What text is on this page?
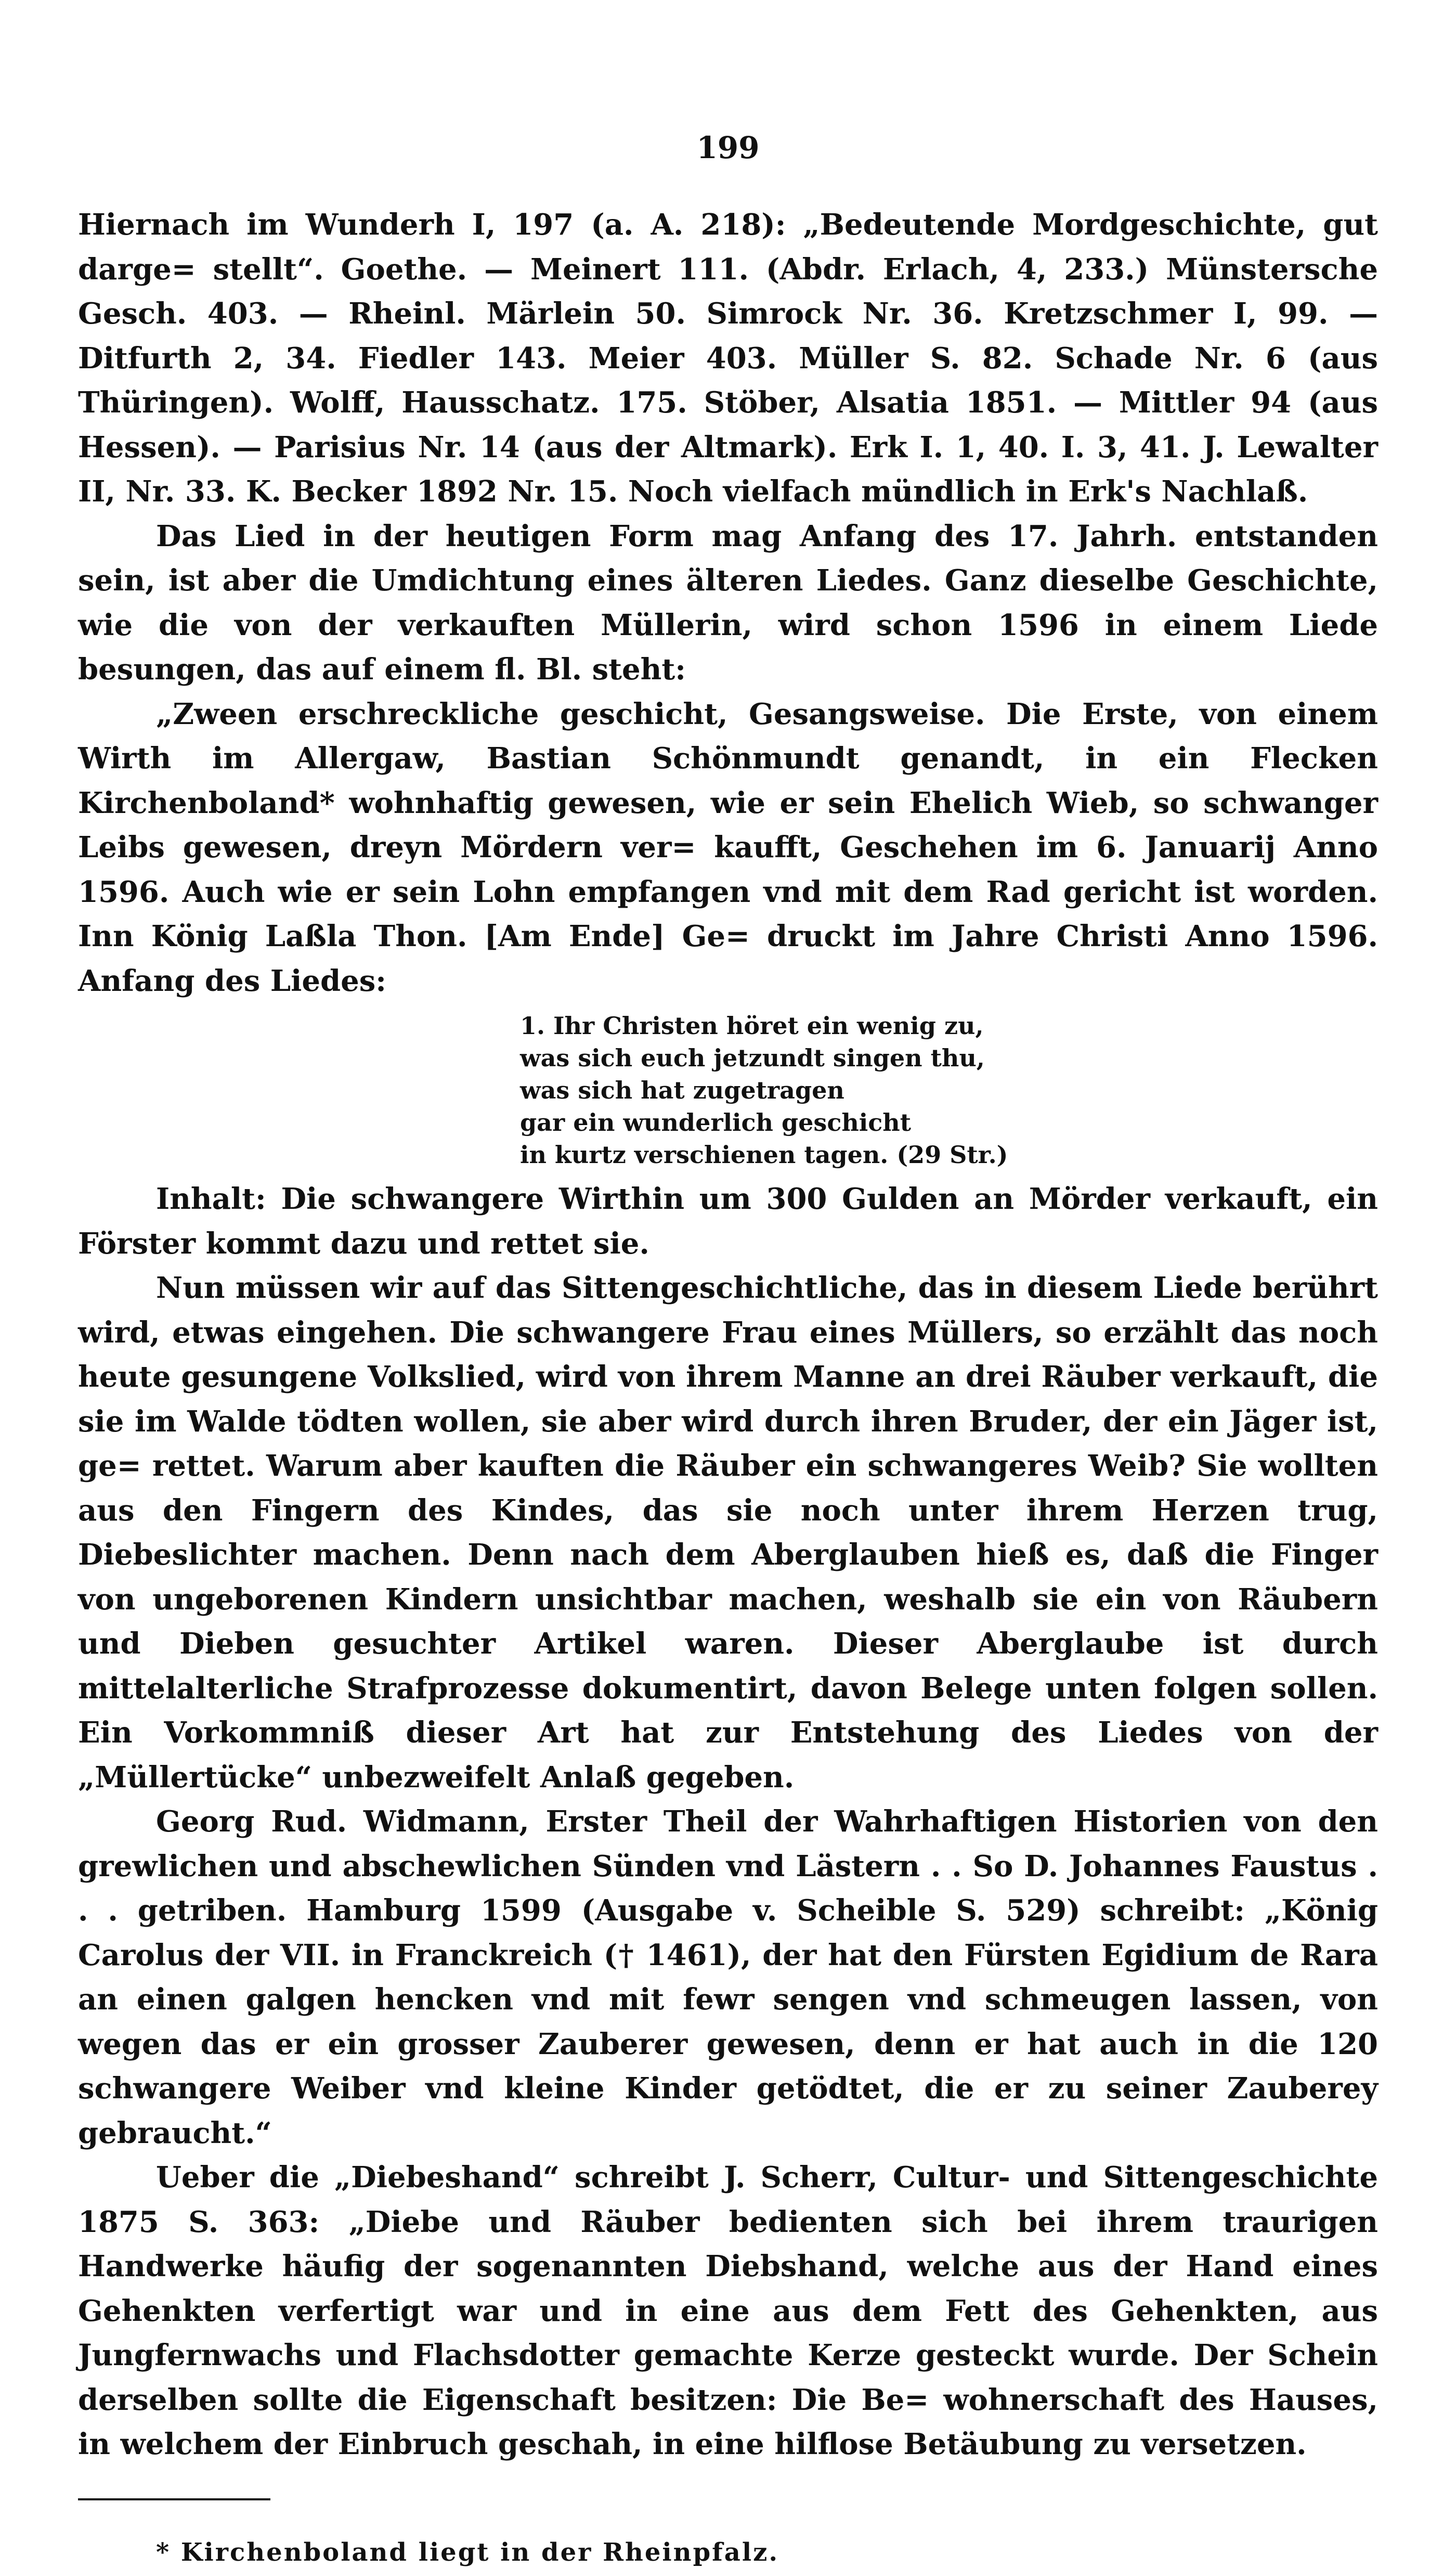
199

Hiernach im Wunderh I, 197 (a. A. 218): „Bedeutende Mordgeschichte, gut darge= stellt“. Goethe. — Meinert 111. (Abdr. Erlach, 4, 233.) Münstersche Gesch. 403. — Rheinl. Märlein 50. Simrock Nr. 36. Kretzschmer I, 99. — Ditfurth 2, 34. Fiedler 143. Meier 403. Müller S. 82. Schade Nr. 6 (aus Thüringen). Wolff, Hausschatz. 175. Stöber, Alsatia 1851. — Mittler 94 (aus Hessen). — Parisius Nr. 14 (aus der Altmark). Erk I. 1, 40. I. 3, 41. J. Lewalter II, Nr. 33. K. Becker 1892 Nr. 15. Noch vielfach mündlich in Erk's Nachlaß.

Das Lied in der heutigen Form mag Anfang des 17. Jahrh. entstanden sein, ist aber die Umdichtung eines älteren Liedes. Ganz dieselbe Geschichte, wie die von der verkauften Müllerin, wird schon 1596 in einem Liede besungen, das auf einem fl. Bl. steht:

„Zween erschreckliche geschicht, Gesangsweise. Die Erste, von einem Wirth im Allergaw, Bastian Schönmundt genandt, in ein Flecken Kirchenboland* wohnhaftig gewesen, wie er sein Ehelich Wieb, so schwanger Leibs gewesen, dreyn Mördern ver= kaufft, Geschehen im 6. Januarij Anno 1596. Auch wie er sein Lohn empfangen vnd mit dem Rad gericht ist worden. Inn König Laßla Thon. [Am Ende] Ge= druckt im Jahre Christi Anno 1596. Anfang des Liedes:

1. Ihr Christen höret ein wenig zu,
was sich euch jetzundt singen thu,
was sich hat zugetragen
gar ein wunderlich geschicht
in kurtz verschienen tagen. (29 Str.)

Inhalt: Die schwangere Wirthin um 300 Gulden an Mörder verkauft, ein Förster kommt dazu und rettet sie.

Nun müssen wir auf das Sittengeschichtliche, das in diesem Liede berührt wird, etwas eingehen. Die schwangere Frau eines Müllers, so erzählt das noch heute gesungene Volkslied, wird von ihrem Manne an drei Räuber verkauft, die sie im Walde tödten wollen, sie aber wird durch ihren Bruder, der ein Jäger ist, ge= rettet. Warum aber kauften die Räuber ein schwangeres Weib? Sie wollten aus den Fingern des Kindes, das sie noch unter ihrem Herzen trug, Diebeslichter machen. Denn nach dem Aberglauben hieß es, daß die Finger von ungeborenen Kindern unsichtbar machen, weshalb sie ein von Räubern und Dieben gesuchter Artikel waren. Dieser Aberglaube ist durch mittelalterliche Strafprozesse dokumentirt, davon Belege unten folgen sollen. Ein Vorkommniß dieser Art hat zur Entstehung des Liedes von der „Müllertücke“ unbezweifelt Anlaß gegeben.

Georg Rud. Widmann, Erster Theil der Wahrhaftigen Historien von den grewlichen und abschewlichen Sünden vnd Lästern . . So D. Johannes Faustus . . . getriben. Hamburg 1599 (Ausgabe v. Scheible S. 529) schreibt: „König Carolus der VII. in Franckreich († 1461), der hat den Fürsten Egidium de Rara an einen galgen hencken vnd mit fewr sengen vnd schmeugen lassen, von wegen das er ein grosser Zauberer gewesen, denn er hat auch in die 120 schwangere Weiber vnd kleine Kinder getödtet, die er zu seiner Zauberey gebraucht.“

Ueber die „Diebeshand“ schreibt J. Scherr, Cultur- und Sittengeschichte 1875 S. 363: „Diebe und Räuber bedienten sich bei ihrem traurigen Handwerke häufig der sogenannten Diebshand, welche aus der Hand eines Gehenkten verfertigt war und in eine aus dem Fett des Gehenkten, aus Jungfernwachs und Flachsdotter gemachte Kerze gesteckt wurde. Der Schein derselben sollte die Eigenschaft besitzen: Die Be= wohnerschaft des Hauses, in welchem der Einbruch geschah, in eine hilflose Betäubung zu versetzen.

* Kirchenboland liegt in der Rheinpfalz.
